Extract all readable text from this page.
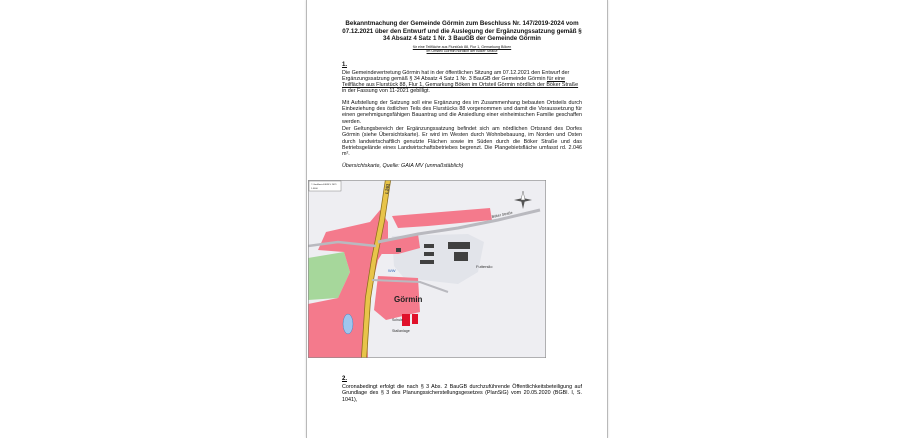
Bekanntmachung der Gemeinde Görmin zum Beschluss Nr. 147/2019-2024 vom 07.12.2021 über den Entwurf und die Auslegung der Ergänzungssatzung gemäß § 34 Absatz 4 Satz 1 Nr. 3 BauGB der Gemeinde Görmin
für eine Teilfläche aus Flurstück 88, Flur 1, Gemarkung Böken
im Ortsteil Görmin nördlich der Böker Straße
1.
Die Gemeindevertretung Görmin hat in der öffentlichen Sitzung am 07.12.2021 den Entwurf der Ergänzungssatzung gemäß § 34 Absatz 4 Satz 1 Nr. 3 BauGB der Gemeinde Görmin für eine Teilfläche aus Flurstück 88, Flur 1, Gemarkung Böken im Ortsteil Görmin nördlich der Böker Straße in der Fassung von 11-2021 gebilligt.
Mit Aufstellung der Satzung soll eine Ergänzung des im Zusammenhang bebauten Ortsteils durch Einbeziehung des östlichen Teils des Flurstücks 88 vorgenommen und damit die Voraussetzung für einen genehmigungsfähigen Bauantrag und die Ansiedlung einer einheimischen Familie geschaffen werden.
Der Geltungsbereich der Ergänzungssatzung befindet sich am nördlichen Ortsrand des Dorfes Görmin (siehe Übersichtskarte). Er wird im Westen durch Wohnbebauung, im Norden und Osten durch landwirtschaftlich genutzte Flächen sowie im Süden durch die Böker Straße und das Betriebsgelände eines Landwirtschaftsbetriebes begrenzt. Die Plangebietsfläche umfasst rd. 2.046 m².
Übersichtskarte, Quelle: GAIA MV (unmaßstäblich)
© GeoBasis-DE/M-V 2021
1:5000
Görmin
Futtersilo
WW
Stallanlage
Schule
L261
Böker Straße
2.
Coronabedingt erfolgt die nach § 3 Abs. 2 BauGB durchzuführende Öffentlichkeitsbeteiligung auf Grundlage des § 3 des Planungssicherstellungsgesetzes (PlanSiG) vom 20.05.2020 (BGBl. I, S. 1041),
